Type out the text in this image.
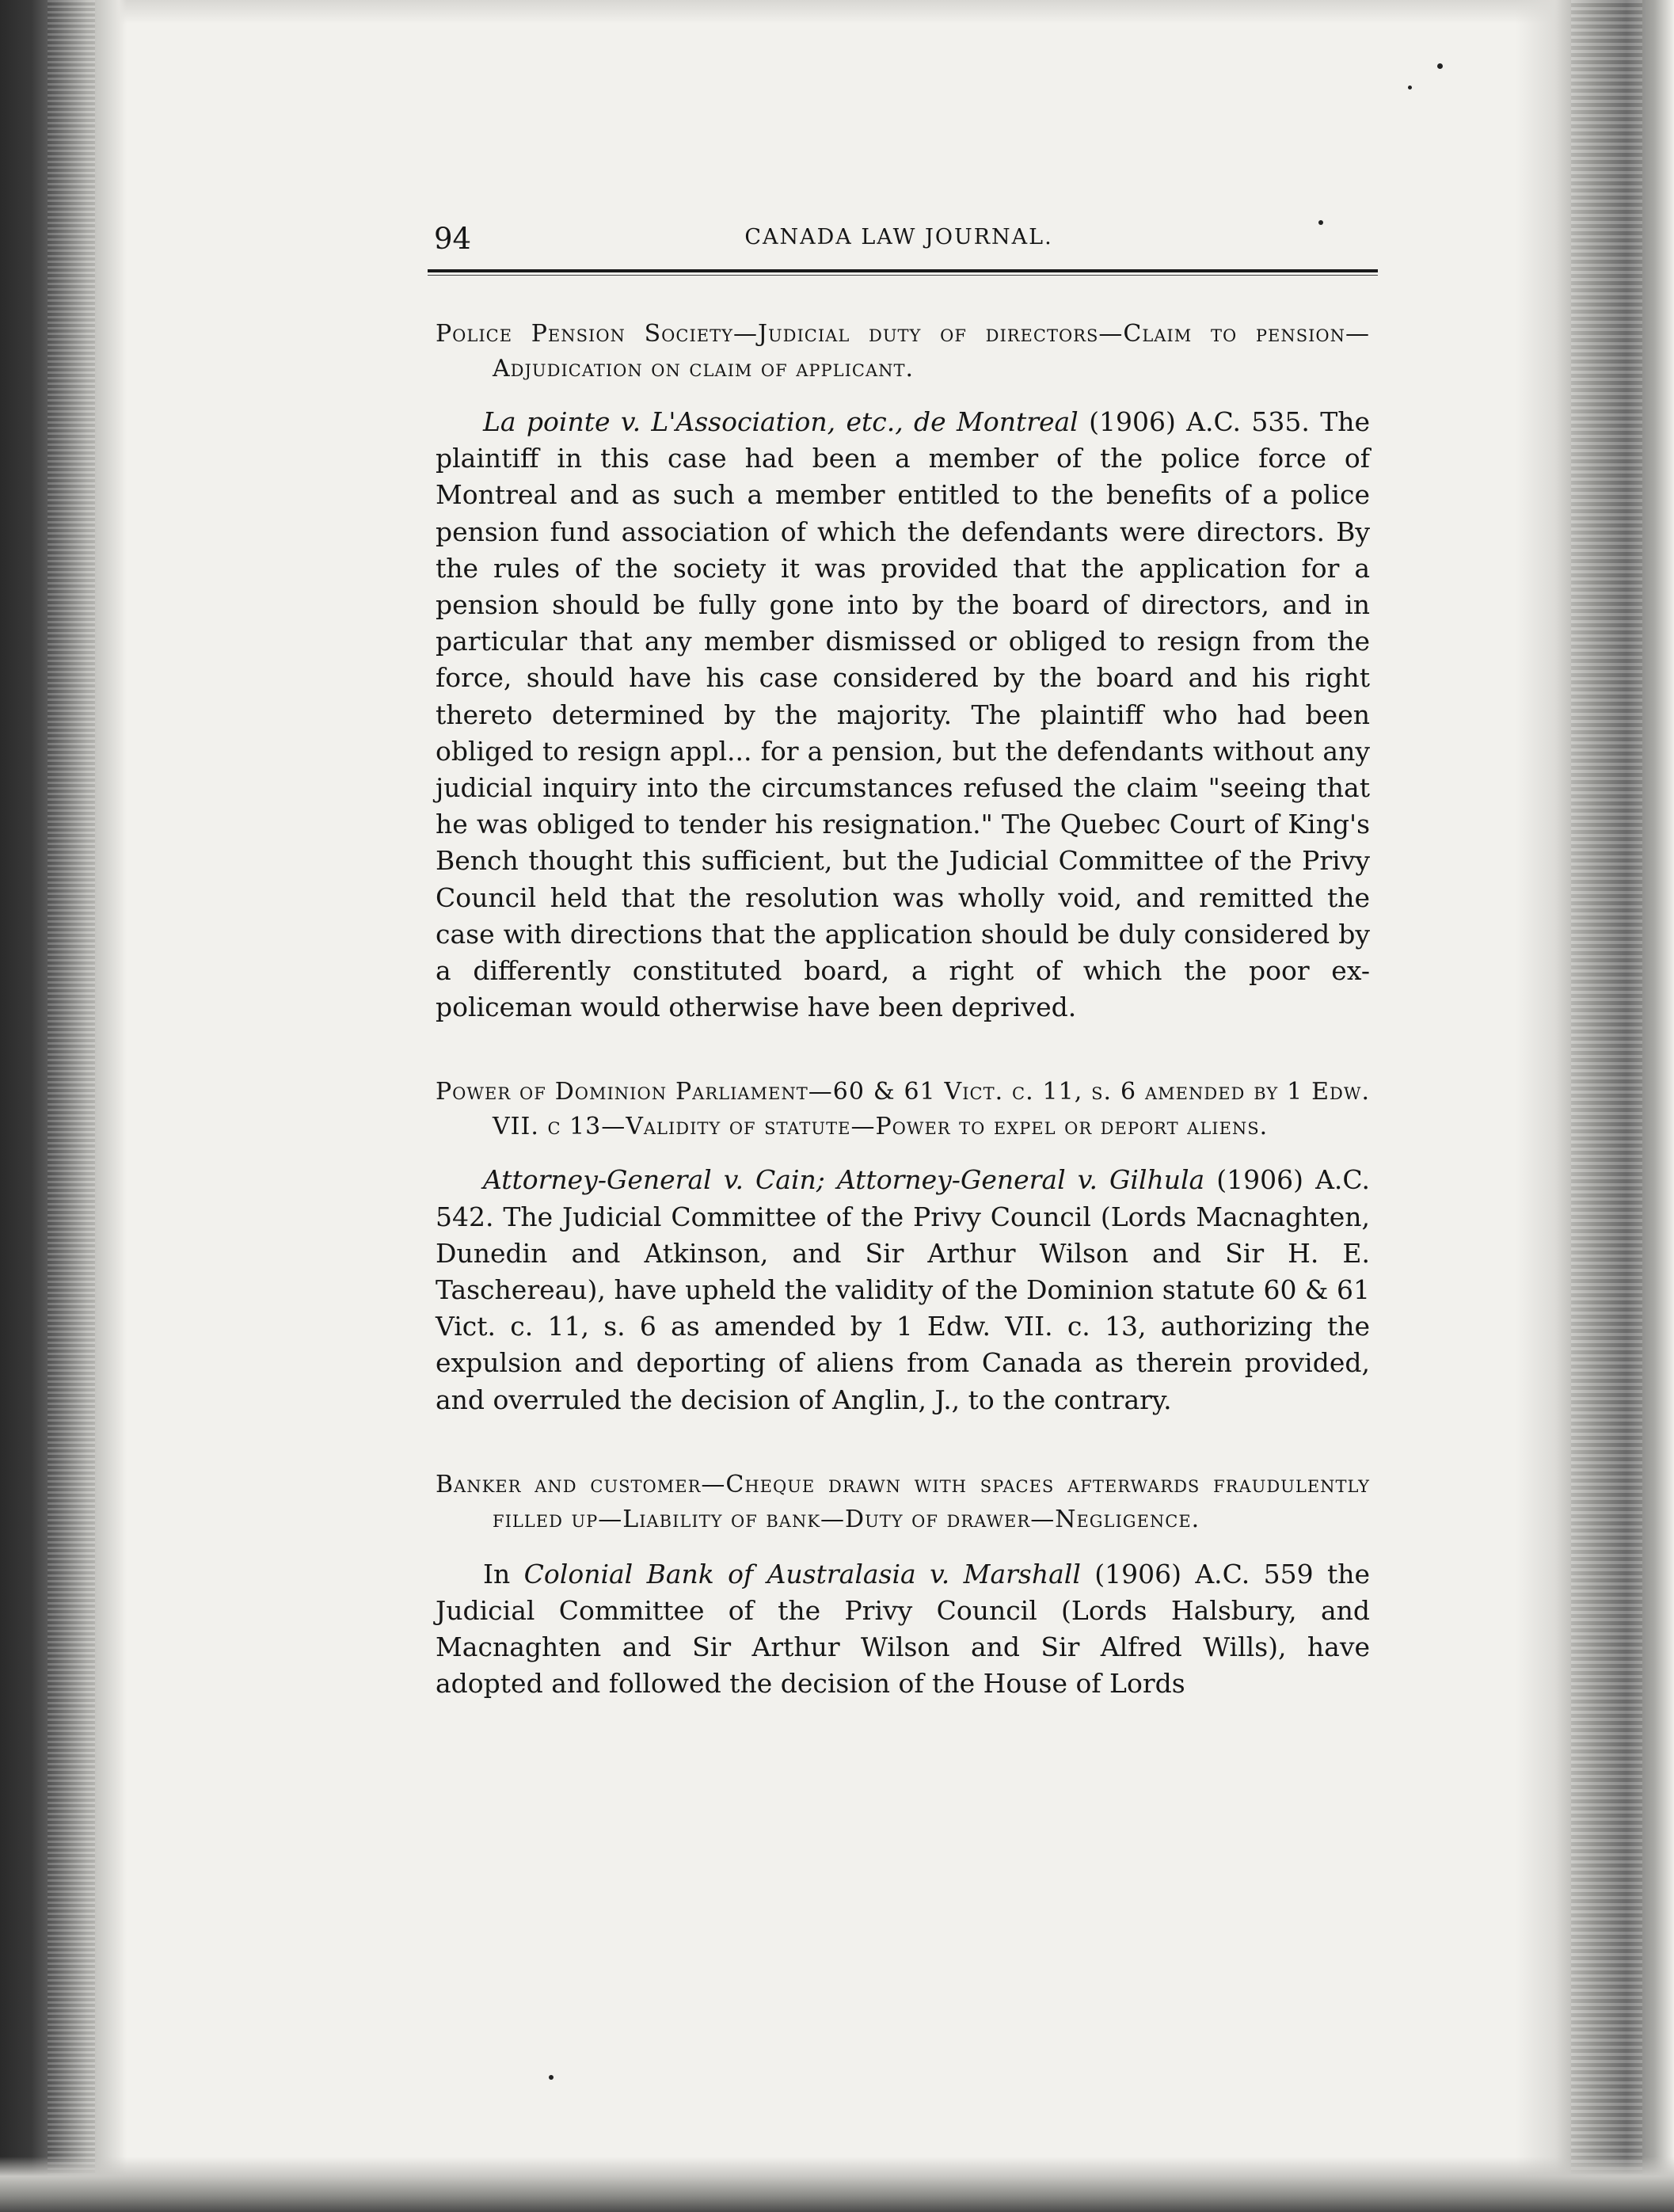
94	CANADA LAW JOURNAL.

Police Pension Society—Judicial duty of directors—Claim to pension—Adjudication on claim of applicant.

La pointe v. L'Association, etc., de Montreal (1906) A.C. 535. The plaintiff in this case had been a member of the police force of Montreal and as such a member entitled to the benefits of a police pension fund association of which the defendants were directors. By the rules of the society it was provided that the application for a pension should be fully gone into by the board of directors, and in particular that any member dismissed or obliged to resign from the force, should have his case considered by the board and his right thereto determined by the majority. The plaintiff who had been obliged to resign appl... for a pension, but the defendants without any judicial inquiry into the circumstances refused the claim "seeing that he was obliged to tender his resignation." The Quebec Court of King's Bench thought this sufficient, but the Judicial Committee of the Privy Council held that the resolution was wholly void, and remitted the case with directions that the application should be duly considered by a differently constituted board, a right of which the poor ex-policeman would otherwise have been deprived.

Power of Dominion Parliament—60 & 61 Vict. c. 11, s. 6 amended by 1 Edw. VII. c 13—Validity of statute—Power to expel or deport aliens.

Attorney-General v. Cain; Attorney-General v. Gilhula (1906) A.C. 542. The Judicial Committee of the Privy Council (Lords Macnaghten, Dunedin and Atkinson, and Sir Arthur Wilson and Sir H. E. Taschereau), have upheld the validity of the Dominion statute 60 & 61 Vict. c. 11, s. 6 as amended by 1 Edw. VII. c. 13, authorizing the expulsion and deporting of aliens from Canada as therein provided, and overruled the decision of Anglin, J., to the contrary.

Banker and customer—Cheque drawn with spaces afterwards fraudulently filled up—Liability of bank—Duty of drawer—Negligence.

In Colonial Bank of Australasia v. Marshall (1906) A.C. 559 the Judicial Committee of the Privy Council (Lords Halsbury, and Macnaghten and Sir Arthur Wilson and Sir Alfred Wills), have adopted and followed the decision of the House of Lords
